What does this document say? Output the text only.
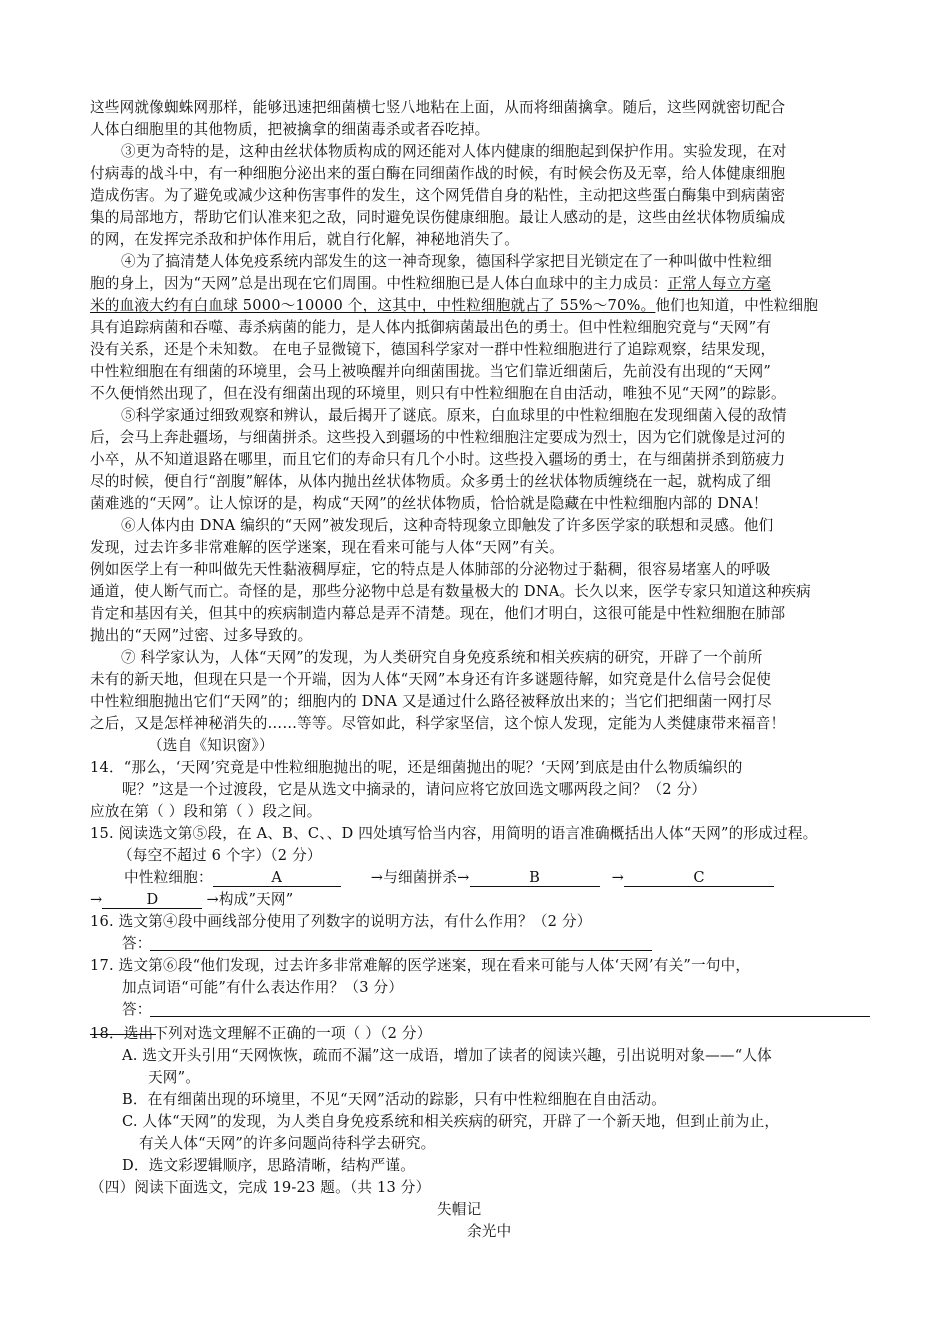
这些网就像蜘蛛网那样，能够迅速把细菌横七竖八地粘在上面，从而将细菌擒拿。随后，这些网就密切配合
人体白细胞里的其他物质，把被擒拿的细菌毒杀或者吞吃掉。
③更为奇特的是，这种由丝状体物质构成的网还能对人体内健康的细胞起到保护作用。实验发现，在对
付病毒的战斗中，有一种细胞分泌出来的蛋白酶在同细菌作战的时候，有时候会伤及无辜，给人体健康细胞
造成伤害。为了避免或减少这种伤害事件的发生，这个网凭借自身的粘性，主动把这些蛋白酶集中到病菌密
集的局部地方，帮助它们认准来犯之敌，同时避免误伤健康细胞。最让人感动的是，这些由丝状体物质编成
的网，在发挥完杀敌和护体作用后，就自行化解，神秘地消失了。
④为了搞清楚人体免疫系统内部发生的这一神奇现象，德国科学家把目光锁定在了一种叫做中性粒细
胞的身上，因为“天网”总是出现在它们周围。中性粒细胞已是人体白血球中的主力成员：正常人每立方毫
米的血液大约有白血球 5000～10000 个，这其中，中性粒细胞就占了 55%～70%。他们也知道，中性粒细胞
具有追踪病菌和吞噬、毒杀病菌的能力，是人体内抵御病菌最出色的勇士。但中性粒细胞究竟与“天网”有
没有关系，还是个未知数。 在电子显微镜下，德国科学家对一群中性粒细胞进行了追踪观察，结果发现，
中性粒细胞在有细菌的环境里，会马上被唤醒并向细菌围拢。当它们靠近细菌后，先前没有出现的“天网”
不久便悄然出现了，但在没有细菌出现的环境里，则只有中性粒细胞在自由活动，唯独不见“天网”的踪影。
⑤科学家通过细致观察和辨认，最后揭开了谜底。原来，白血球里的中性粒细胞在发现细菌入侵的敌情
后，会马上奔赴疆场，与细菌拼杀。这些投入到疆场的中性粒细胞注定要成为烈士，因为它们就像是过河的
小卒，从不知道退路在哪里，而且它们的寿命只有几个小时。这些投入疆场的勇士，在与细菌拼杀到筋疲力
尽的时候，便自行“剖腹”解体，从体内抛出丝状体物质。众多勇士的丝状体物质缠绕在一起，就构成了细
菌难逃的“天网”。让人惊讶的是，构成“天网”的丝状体物质，恰恰就是隐藏在中性粒细胞内部的 DNA！
⑥人体内由 DNA 编织的“天网”被发现后，这种奇特现象立即触发了许多医学家的联想和灵感。他们
发现，过去许多非常难解的医学迷案，现在看来可能与人体“天网”有关。
例如医学上有一种叫做先天性黏液稠厚症，它的特点是人体肺部的分泌物过于黏稠，很容易堵塞人的呼吸
通道，使人断气而亡。奇怪的是，那些分泌物中总是有数量极大的 DNA。长久以来，医学专家只知道这种疾病
肯定和基因有关，但其中的疾病制造内幕总是弄不清楚。现在，他们才明白，这很可能是中性粒细胞在肺部
抛出的“天网”过密、过多导致的。
⑦ 科学家认为，人体“天网”的发现，为人类研究自身免疫系统和相关疾病的研究，开辟了一个前所
未有的新天地，但现在只是一个开端，因为人体“天网”本身还有许多谜题待解，如究竟是什么信号会促使
中性粒细胞抛出它们“天网”的；细胞内的 DNA 又是通过什么路径被释放出来的；当它们把细菌一网打尽
之后，又是怎样神秘消失的……等等。尽管如此，科学家坚信，这个惊人发现，定能为人类健康带来福音！
（选自《知识窗》）
14．“那么，‘天网’究竟是中性粒细胞抛出的呢，还是细菌抛出的呢？‘天网’到底是由什么物质编织的
呢？”这是一个过渡段，它是从选文中摘录的，请问应将它放回选文哪两段之间？（2 分）
应放在第（ ）段和第（ ）段之间。
15. 阅读选文第⑤段，在 A、B、C、、D 四处填写恰当内容，用简明的语言准确概括出人体“天网”的形成过程。
（每空不超过 6 个字）（2 分）
中性粒细胞：	A	→与细菌拼杀→	B	→	C
→	D	→构成”天网”
16. 选文第④段中画线部分使用了列数字的说明方法，有什么作用？（2 分）
答：
17. 选文第⑥段“他们发现，过去许多非常难解的医学迷案，现在看来可能与人体‘天网’有关”一句中，
加点词语“可能”有什么表达作用？（3 分）
答：
18．选出下列对选文理解不正确的一项（ ）（2 分）
A. 选文开头引用“天网恢恢，疏而不漏”这一成语，增加了读者的阅读兴趣，引出说明对象——“人体
天网”。
B．在有细菌出现的环境里，不见“天网”活动的踪影，只有中性粒细胞在自由活动。
C. 人体“天网”的发现，为人类自身免疫系统和相关疾病的研究，开辟了一个新天地，但到止前为止，
有关人体“天网”的许多问题尚待科学去研究。
D．选文彩逻辑顺序，思路清晰，结构严谨。
（四）阅读下面选文，完成 19-23 题。（共 13 分）
失帽记
余光中
